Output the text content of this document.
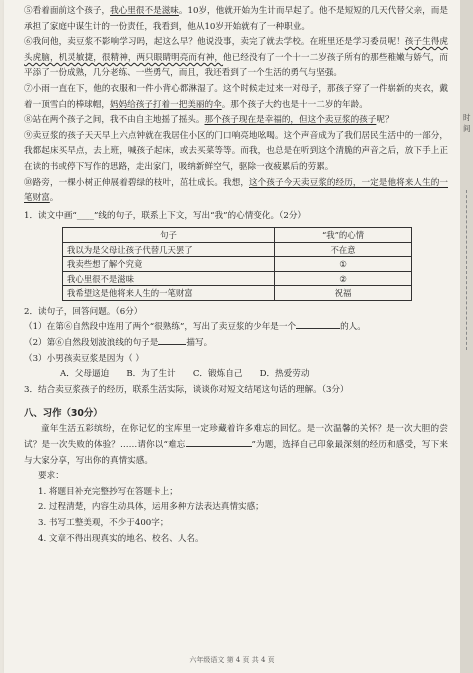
⑤看着面前这个孩子，我心里很不是滋味。10岁，他就开始为生计而早起了。他不是短短的几天代替父亲，而是承担了家庭中谋生计的一份责任，我看到，他从10岁开始就有了一种职业。

⑥我问他，卖豆浆不影响学习吗，起这么早？他说没事，卖完了就去学校。在班里还是学习委员呢！孩子生得虎头虎脑，机灵敏捷，很精神，两只眼睛明亮而有神，他已经没有了一个十一二岁孩子所有的那些稚嫩与娇气，而平添了一份成熟，几分老练、一些勇气，而且，我还看到了一个生活的勇气与坚强。

⑦小雨一直在下，他的衣服和一件小背心都淋湿了。这个时候走过来一对母子，那孩子穿了一件崭新的夹衣，戴着一顶雪白的棒球帽，妈妈给孩子打着一把美丽的伞。那个孩子大约也是十一二岁的年龄。

⑧站在两个孩子之间，我不由自主地摇了摇头。那个孩子现在是幸福的，但这个卖豆浆的孩子呢？

⑨卖豆浆的孩子天天早上六点钟就在我居住小区的门口响亮地吆喝。这个声音成为了我们居民生活中的一部分，我都起床买早点，去上班，喊孩子起床，或去买菜等等。而我，也总是在听到这个清脆的声音之后，放下手上正在读的书或停下写作的思路，走出家门，吸纳新鲜空气，驱除一夜疲累后的劳累。

⑩路旁，一棵小树正伸展着碧绿的枝叶，茁壮成长。我想，这个孩子今天卖豆浆的经历，一定是他将来人生的一笔财富。

1．读文中画“____”线的句子，联系上下文，写出“我”的心情变化。（2分）

句子	“我”的心情
我以为是父母让孩子代替几天罢了	不在意
我卖些想了解个究竟	①
我心里很不是滋味	②
我希望这是他将来人生的一笔财富	祝福

2．读句子，回答问题。（6分）

（1）在第⑥自然段中连用了两个“很熟练”，写出了卖豆浆的少年是一个	的人。

（2）第⑥自然段划波浪线的句子是	描写。

（3）小男孩卖豆浆是因为（ ）

A．父母逼迫　　B．为了生计　　C．锻炼自己　　D．热爱劳动

3．结合卖豆浆孩子的经历，联系生活实际，谈谈你对短文结尾这句话的理解。（3分）

八、习作（30分）

童年生活五彩缤纷，在你记忆的宝库里一定珍藏着许多难忘的回忆。是一次温馨的关怀？是一次大胆的尝试？是一次失败的体验？……请你以“难忘	”为题，选择自己印象最深刻的经历和感受，写下来与大家分享，写出你的真情实感。

要求：

1. 将题目补充完整抄写在答题卡上；

2. 过程清楚，内容生动具体，运用多种方法表达真情实感；

3. 书写工整美观，不少于400字；

4. 文章不得出现真实的地名、校名、人名。

六年级语文 第 4 页 共 4 页
时间
